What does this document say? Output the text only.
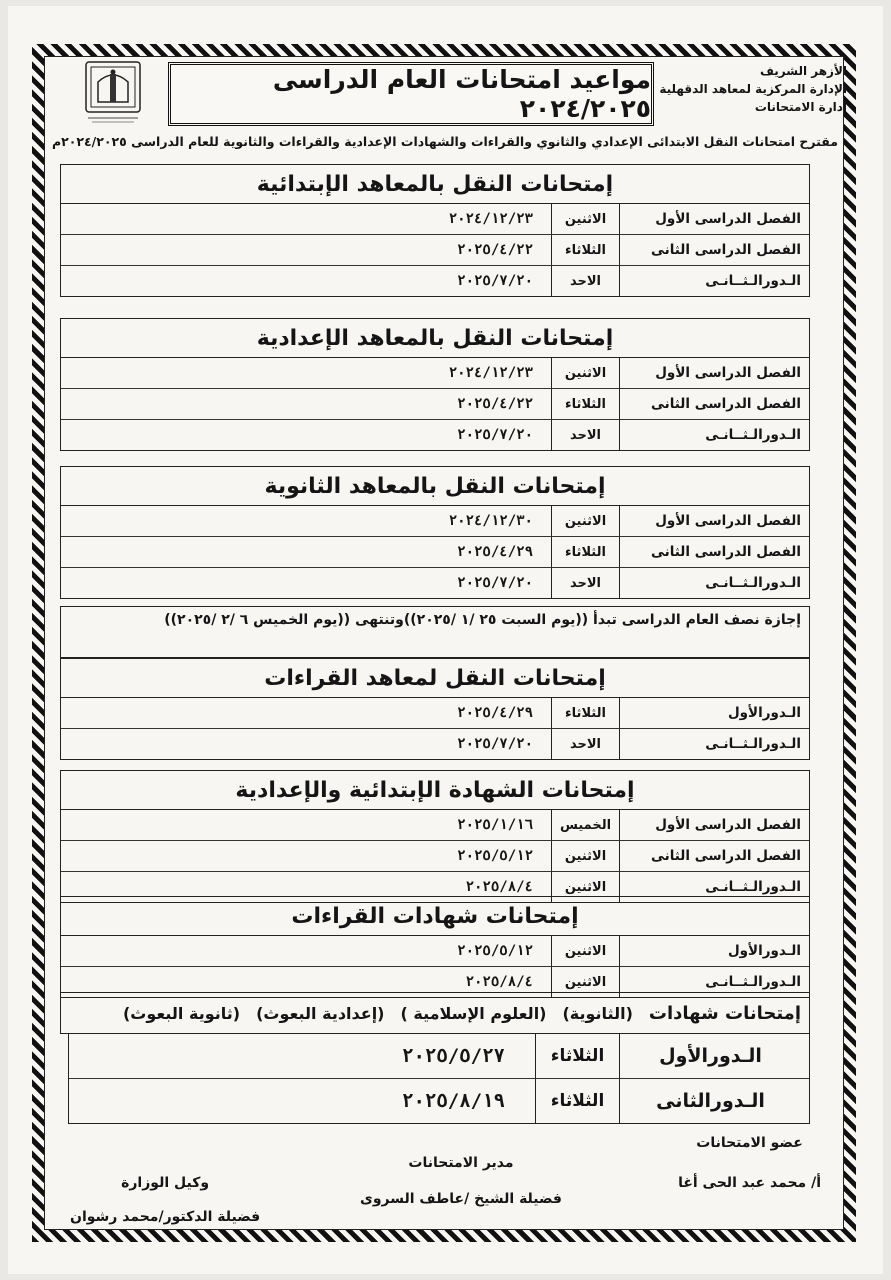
الأزهر الشريف
الإدارة المركزية لمعاهد الدقهلية
ادارة الامتحانات
مواعيد امتحانات العام الدراسى ٢٠٢٤/٢٠٢٥
مقترح امتحانات النقل الابتدائى الإعدادي والثانوي والقراءات والشهادات الإعدادية والقراءات والثانوية للعام الدراسى ٢٠٢٤/٢٠٢٥م
إمتحانات النقل بالمعاهد الإبتدائية
الفصل الدراسى الأول
الاثنين
٢٠٢٤/١٢/٢٣
الفصل الدراسى الثانى
الثلاثاء
٢٠٢٥/٤/٢٢
الـدورالـثــانـى
الاحد
٢٠٢٥/٧/٢٠
إمتحانات النقل بالمعاهد الإعدادية
الفصل الدراسى الأول
الاثنين
٢٠٢٤/١٢/٢٣
الفصل الدراسى الثانى
الثلاثاء
٢٠٢٥/٤/٢٢
الـدورالـثــانـى
الاحد
٢٠٢٥/٧/٢٠
إمتحانات النقل بالمعاهد الثانوية
الفصل الدراسى الأول
الاثنين
٢٠٢٤/١٢/٣٠
الفصل الدراسى الثانى
الثلاثاء
٢٠٢٥/٤/٢٩
الـدورالـثــانـى
الاحد
٢٠٢٥/٧/٢٠
إجازة نصف العام الدراسى تبدأ ((يوم السبت ٢٥ /١ /٢٠٢٥))وتنتهى ((يوم الخميس ٦ /٢ /٢٠٢٥))
إمتحانات النقل لمعاهد القراءات
الـدورالأول
الثلاثاء
٢٠٢٥/٤/٢٩
الـدورالـثــانـى
الاحد
٢٠٢٥/٧/٢٠
إمتحانات الشهادة الإبتدائية والإعدادية
الفصل الدراسى الأول
الخميس
٢٠٢٥/١/١٦
الفصل الدراسى الثانى
الاثنين
٢٠٢٥/٥/١٢
الـدورالـثــانـى
الاثنين
٢٠٢٥/٨/٤
إمتحانات شهادات القراءات
الـدورالأول
الاثنين
٢٠٢٥/٥/١٢
الـدورالـثــانـى
الاثنين
٢٠٢٥/٨/٤
إمتحانات شهادات
(الثانوية)
(العلوم الإسلامية )
(إعدادية البعوث)
(ثانوية البعوث)
الـدورالأول
الثلاثاء
٢٠٢٥/٥/٢٧
الـدورالثانى
الثلاثاء
٢٠٢٥/٨/١٩
عضو الامتحانات
أ/ محمد عبد الحى أغا
مدير الامتحانات
فضيلة الشيخ /عاطف السروى
وكيل الوزارة
فضيلة الدكتور/محمد رشوان
